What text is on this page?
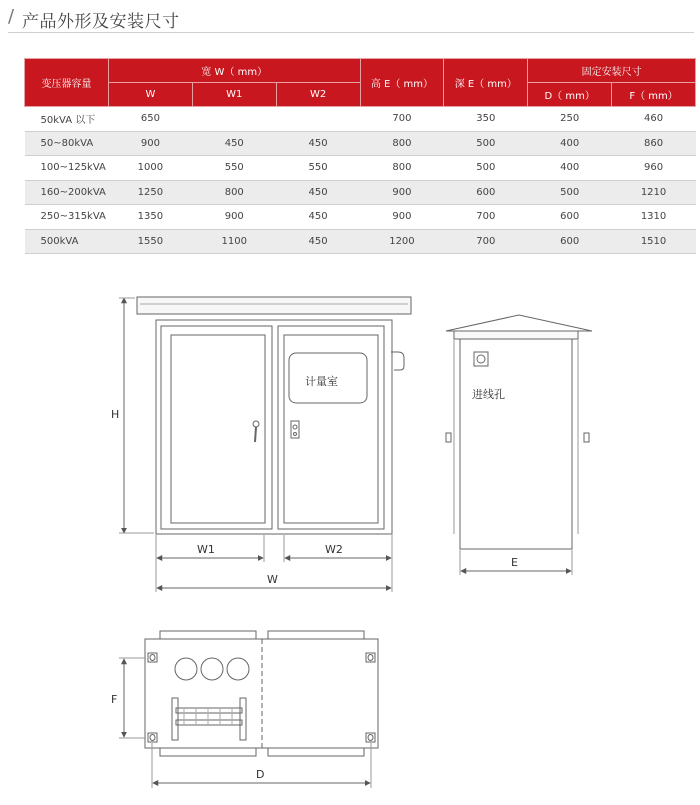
/ 产品外形及安装尺寸
变压器容量	宽 W（ mm）			高 E（ mm）	深 E（ mm）	固定安装尺寸	
	W	W1	W2			D（ mm）	F（ mm）
50kVA 以下	650			700	350	250	460
50~80kVA	900	450	450	800	500	400	860
100~125kVA	1000	550	550	800	500	400	960
160~200kVA	1250	800	450	900	600	500	1210
250~315kVA	1350	900	450	900	700	600	1310
500kVA	1550	1100	450	1200	700	600	1510
计量室
H
W1	W2
W
进线孔
E
F
D
